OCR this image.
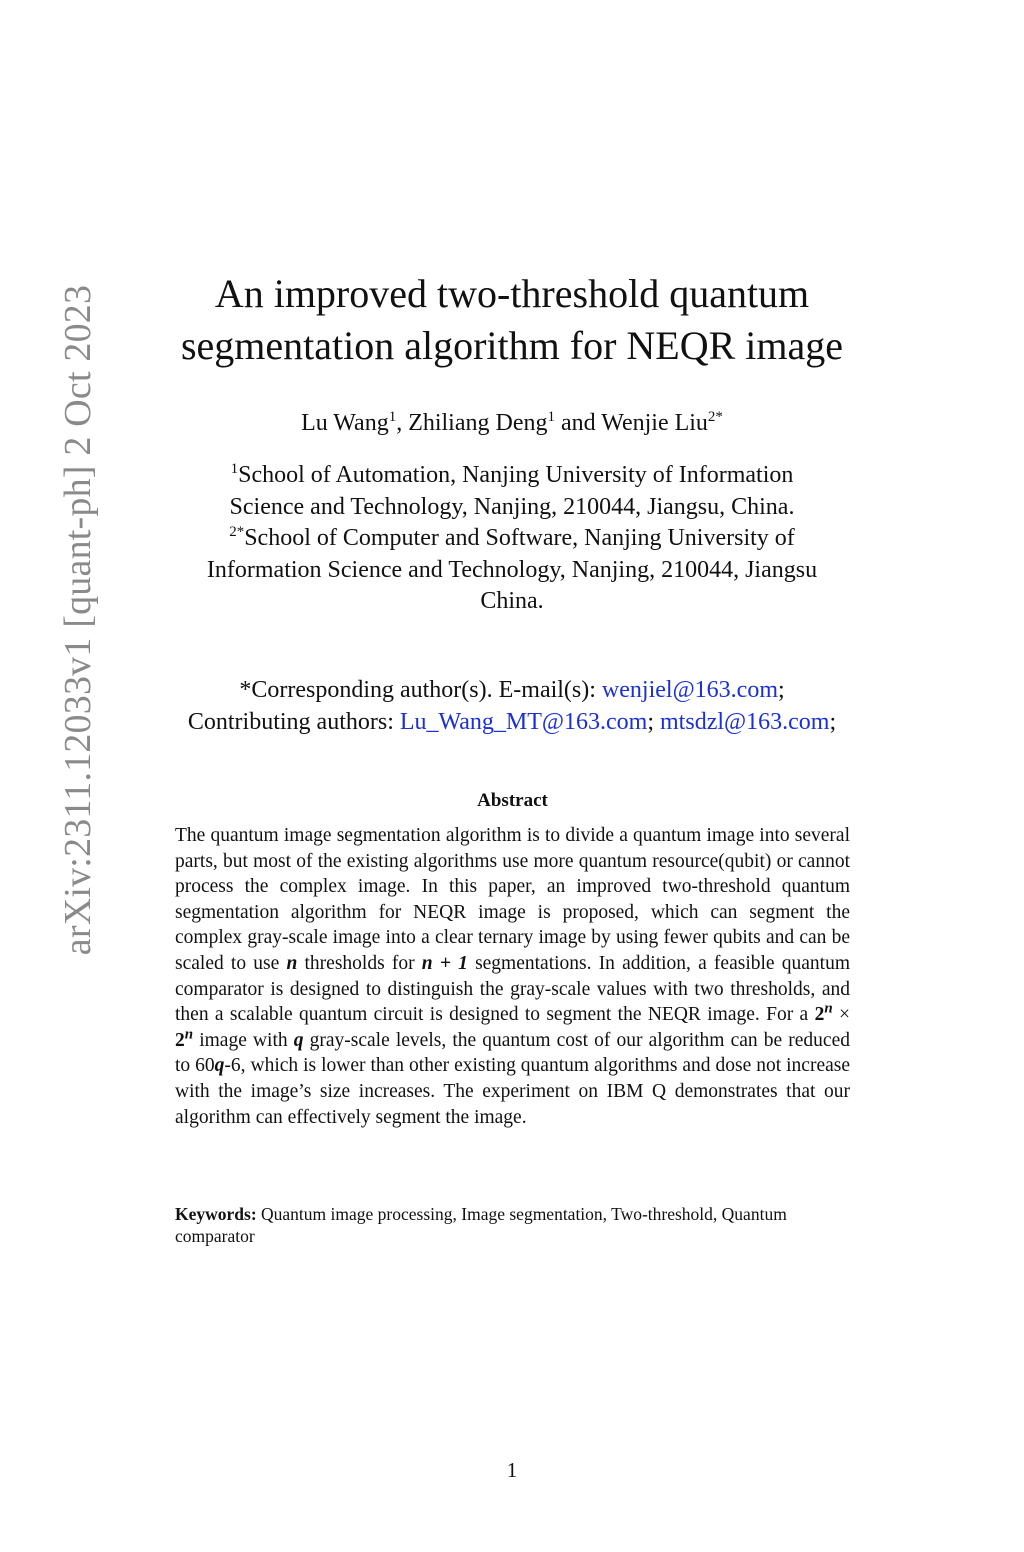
arXiv:2311.12033v1 [quant-ph] 2 Oct 2023	An improved two-threshold quantum
segmentation algorithm for NEQR image
Lu Wang$^1$, Zhiliang Deng$^1$ and Wenjie Liu$^{2*}$
$^1$School of Automation, Nanjing University of Information
Science and Technology, Nanjing, 210044, Jiangsu, China.
$^{2*}$School of Computer and Software, Nanjing University of
Information Science and Technology, Nanjing, 210044, Jiangsu
China.
*Corresponding author(s). E-mail(s): wenjiel@163.com;
Contributing authors: Lu_Wang_MT@163.com; mtsdzl@163.com;
Abstract
The quantum image segmentation algorithm is to divide a quantum image into several parts, but most of the existing algorithms use more quantum resource(qubit) or cannot process the complex image. In this paper, an improved two-threshold quantum segmentation algorithm for NEQR image is proposed, which can segment the complex gray-scale image into a clear ternary image by using fewer qubits and can be scaled to use n thresholds for n + 1 segmentations. In addition, a feasible quantum comparator is designed to distinguish the gray-scale values with two thresholds, and then a scalable quantum circuit is designed to segment the NEQR image. For a $2^n \times 2^n$ image with q gray-scale levels, the quantum cost of our algorithm can be reduced to 60q-6, which is lower than other existing quantum algorithms and dose not increase with the image’s size increases. The experiment on IBM Q demonstrates that our algorithm can effectively segment the image.
Keywords: Quantum image processing, Image segmentation, Two-threshold, Quantum comparator
1
